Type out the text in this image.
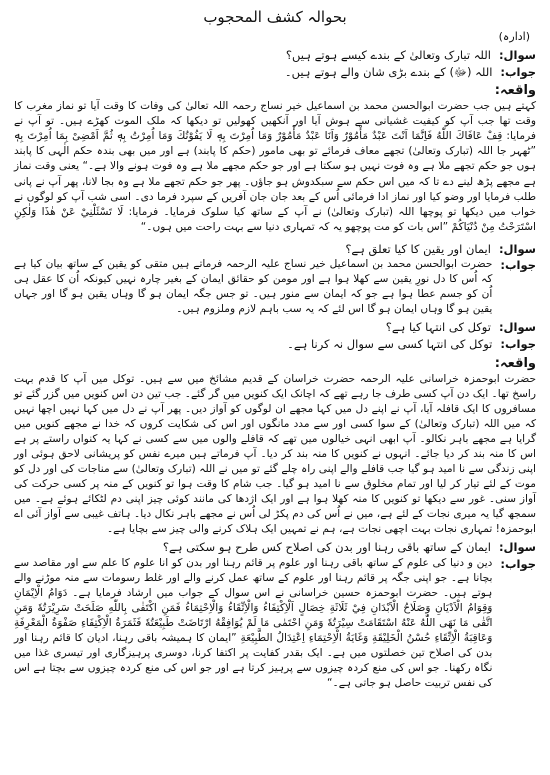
بحوالہ کشف المحجوب
(ادارہ)
سوال:
اللہ تبارک وتعالیٰ کے بندے کیسے ہوتے ہیں؟
جواب:
اللہ (ﷻ) کے بندے بڑی شان والے ہوتے ہیں۔
واقعہ:
کہتے ہیں جب حضرت ابوالحسن محمد بن اسماعیل خیر نساج رحمہ اللہ تعالیٰ کی وفات کا وقت آیا تو نماز مغرب کا وقت تھا جب آپ کو کیفیت غشیانی سے ہوش آیا اور آنکھیں کھولیں تو دیکھا کہ ملک الموت کھڑے ہیں۔ تو آپ نے فرمایا: قِفْ عَافَاكَ اللّٰهُ فَاِنَّمَا اَنْتَ عَبْدٌ مَأْمُوْرٌ وَاَنَا عَبْدٌ مَأْمُوْرٌ وَمَا اُمِرْتَ بِهٖ لَا يَفُوْتُكَ وَمَا اُمِرْتُ بِهٖ ثُمَّ اَمْضِىْ بِمَا اُمِرْتَ بِهٖ ”ٹھہر جا اللہ (تبارک وتعالیٰ) تجھے معاف فرمائے تو بھی مامور (حکم کا پابند) ہے اور میں بھی بندہ حکم الٰہی کا پابند ہوں جو حکم تجھے ملا ہے وہ فوت نہیں ہو سکتا ہے اور جو حکم مجھے ملا ہے وہ فوت ہونے والا ہے۔“ یعنی وقت نماز ہے مجھے پڑھ لینے دے تا کہ میں اس حکم سے سبکدوش ہو جاؤں۔ پھر جو حکم تجھے ملا ہے وہ بجا لانا، پھر آپ نے پانی طلب فرمایا اور وضو کیا اور نماز ادا فرمائی اُس کے بعد جان جان آفریں کے سپرد فرما دی۔ اسی شب آپ کو لوگوں نے خواب میں دیکھا تو پوچھا اللہ (تبارک وتعالیٰ) نے آپ کے ساتھ کیا سلوک فرمایا۔ فرمایا: لَا تَسْئَلْنِيْ عَنْ هٰذَا وَلٰكِنِ اسْتَرَحْتُ مِنْ دُنْيَاكُمْ ”اس بات کو مت پوچھو یہ کہ تمہاری دنیا سے بہت راحت میں ہوں۔“
سوال:
ایمان اور یقین کا کیا تعلق ہے؟
جواب:
حضرت ابوالحسن محمد بن اسماعیل خیر نساج علیہ الرحمہ فرماتے ہیں متقی کو یقین کے ساتھ بیان کیا ہے کہ اُس کا دل نورِ یقین سے کھلا ہوا ہے اور مومن کو حقائق ایمان کے بغیر چارہ نہیں کیونکہ اُن کا عقل ہی اُن کو جسم عطا ہوا ہے جو کہ ایمان سے منور ہیں۔ تو جس جگہ ایمان ہو گا وہاں یقین ہو گا اور جہاں یقین ہو گا وہاں ایمان ہو گا اس لئے کہ یہ سب باہم لازم وملزوم ہیں۔
سوال:
توکل کی انتہا کیا ہے؟
جواب:
توکل کی انتہا کسی سے سوال نہ کرنا ہے۔
واقعہ:
حضرت ابوحمزہ خراسانی علیہ الرحمہ حضرت خراسان کے قدیم مشائخ میں سے ہیں۔ توکل میں آپ کا قدم بہت راسخ تھا۔ ایک دن آپ کسی طرف جا رہے تھے کہ اچانک ایک کنویں میں گر گئے۔ جب تین دن اس کنویں میں گزر گئے تو مسافروں کا ایک قافلہ آیا، آپ نے اپنے دل میں کہا مجھے ان لوگوں کو آواز دیں۔ پھر آپ نے دل میں کہا نہیں اچھا نہیں کہ میں اللہ (تبارک وتعالیٰ) کے سوا کسی اور سے مدد مانگوں اور اس کی شکایت کروں کہ خدا نے مجھے کنویں میں گرایا ہے مجھے باہر نکالو۔ آپ ابھی انہی خیالوں میں تھے کہ قافلے والوں میں سے کسی نے کہا یہ کنواں راستے پر ہے اس کا منہ بند کر دیا جائے۔ انہوں نے کنویں کا منہ بند کر دیا۔ آپ فرماتے ہیں میرے نفس کو پریشانی لاحق ہوئی اور اپنی زندگی سے نا امید ہو گیا جب قافلے والے اپنی راہ چلے گئے تو میں نے اللہ (تبارک وتعالیٰ) سے مناجات کی اور دل کو موت کے لئے تیار کر لیا اور تمام مخلوق سے نا امید ہو گیا۔ جب شام کا وقت ہوا تو کنویں کے منہ پر کسی حرکت کی آواز سنی۔ غور سے دیکھا تو کنویں کا منہ کھلا ہوا ہے اور ایک اژدھا کی مانند کوئی چیز اپنی دم لٹکائے ہوئے ہے۔ میں سمجھ گیا یہ میری نجات کے لئے ہے، میں نے اُس کی دم پکڑ لی اُس نے مجھے باہر نکال دیا۔ ہاتف غیبی سے آواز آئی اے ابوحمزہ! تمہاری نجات بہت اچھی نجات ہے، ہم نے تمہیں ایک ہلاک کرنے والی چیز سے بچایا ہے۔
سوال:
ایمان کے ساتھ باقی رہنا اور بدن کی اصلاح کس طرح ہو سکتی ہے؟
جواب:
دین و دنیا کی علوم کے ساتھ باقی رہنا اور علوم پر قائم رہنا اور بدن کو انا علوم کا علم سے اور مقاصد سے بچانا ہے۔ جو اپنی جگہ پر قائم رہنا اور علوم کے ساتھ عمل کرنے والے اور غلط رسومات سے منہ موڑنے والے ہوتے ہیں۔ حضرت ابوحمزہ حسین خراسانی نے اس سوال کے جواب میں ارشاد فرمایا ہے۔ دَوَامُ الْاِيْمَانِ وَقِوَامُ الْاَدْيَانِ وَصَلَاحُ الْاَبْدَانِ فِيْ ثَلَاثَةِ خِصَالٍ اَلْاِكْتِفَاءُ وَالْاِتِّقَاءُ وَالْاِحْتِمَاءُ فَمَنِ اكْتَفٰى بِاللّٰهِ صَلَحَتْ سَرِيْرَتُهٗ وَمَنِ اتَّقٰى مَا نَهَى اللّٰهُ عَنْهُ اسْتَقَامَتْ سِيْرَتُهٗ وَمَنِ احْتَمٰى مَا لَمْ يُوَافِقْهُ ارْتَاضَتْ طَبِيْعَتُهٗ فَثَمَرَةُ الْاِكْتِفَاءِ صَفْوَةُ الْمَعْرِفَةِ وَعَاقِبَةُ الْاِتِّقَاءِ حُسْنُ الْخَلِيْقَةِ وَغَايَةُ الْاِحْتِمَاءِ اِعْتِدَالُ الطَّبِيْعَةِ ”ایمان کا ہمیشہ باقی رہنا، ادیان کا قائم رہنا اور بدن کی اصلاح تین خصلتوں میں ہے۔ ایک بقدر کفایت پر اکتفا کرنا، دوسری پرہیزگاری اور تیسری غذا میں نگاہ رکھنا۔ جو اس کی منع کردہ چیزوں سے پرہیز کرتا ہے اور جو اس کی منع کردہ چیزوں سے بچتا ہے اس کی نفس تربیت حاصل ہو جاتی ہے۔“
